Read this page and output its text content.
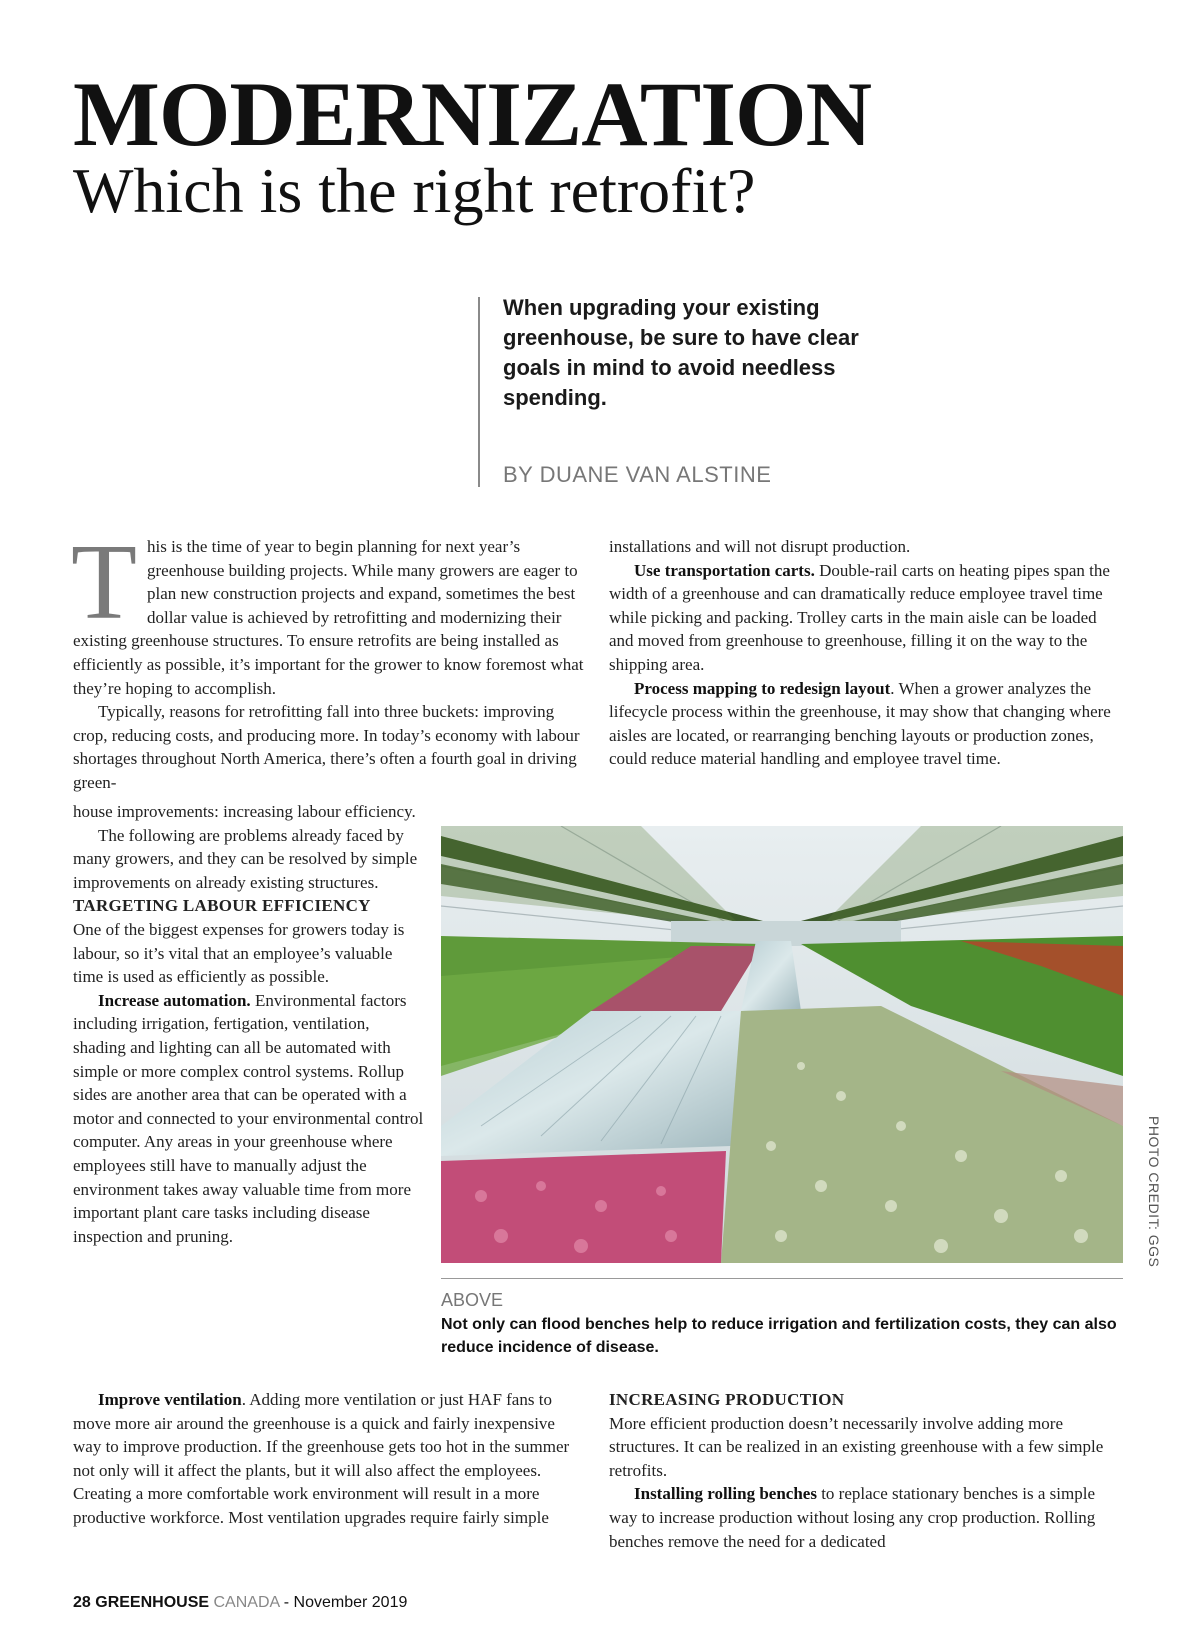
MODERNIZATION
Which is the right retrofit?
When upgrading your existing greenhouse, be sure to have clear goals in mind to avoid needless spending.
BY DUANE VAN ALSTINE

This is the time of year to begin planning for next year’s greenhouse building projects. While many growers are eager to plan new construction projects and expand, sometimes the best dollar value is achieved by retrofitting and modernizing their existing greenhouse structures. To ensure retrofits are being installed as efficiently as possible, it’s important for the grower to know foremost what they’re hoping to accomplish.

Typically, reasons for retrofitting fall into three buckets: improving crop, reducing costs, and producing more. In today’s economy with labour shortages throughout North America, there’s often a fourth goal in driving green-

house improvements: increasing labour efficiency.

The following are problems already faced by many growers, and they can be resolved by simple improvements on already existing structures.

TARGETING LABOUR EFFICIENCY

One of the biggest expenses for growers today is labour, so it’s vital that an employee’s valuable time is used as efficiently as possible.

Increase automation. Environmental factors including irrigation, fertigation, ventilation, shading and lighting can all be automated with simple or more complex control systems. Rollup sides are another area that can be operated with a motor and connected to your environmental control computer. Any areas in your greenhouse where employees still have to manually adjust the environment takes away valuable time from more important plant care tasks including disease inspection and pruning.

Improve ventilation. Adding more ventilation or just HAF fans to move more air around the greenhouse is a quick and fairly inexpensive way to improve production. If the greenhouse gets too hot in the summer not only will it affect the plants, but it will also affect the employees. Creating a more comfortable work environment will result in a more productive workforce. Most ventilation upgrades require fairly simple

installations and will not disrupt production.

Use transportation carts. Double-rail carts on heating pipes span the width of a greenhouse and can dramatically reduce employee travel time while picking and packing. Trolley carts in the main aisle can be loaded and moved from greenhouse to greenhouse, filling it on the way to the shipping area.

Process mapping to redesign layout. When a grower analyzes the lifecycle process within the greenhouse, it may show that changing where aisles are located, or rearranging benching layouts or production zones, could reduce material handling and employee travel time.

PHOTO CREDIT: GGS
ABOVE
Not only can flood benches help to reduce irrigation and fertilization costs, they can also reduce incidence of disease.

INCREASING PRODUCTION

More efficient production doesn’t necessarily involve adding more structures. It can be realized in an existing greenhouse with a few simple retrofits.

Installing rolling benches to replace stationary benches is a simple way to increase production without losing any crop production. Rolling benches remove the need for a dedicated

28 GREENHOUSE CANADA - November 2019
